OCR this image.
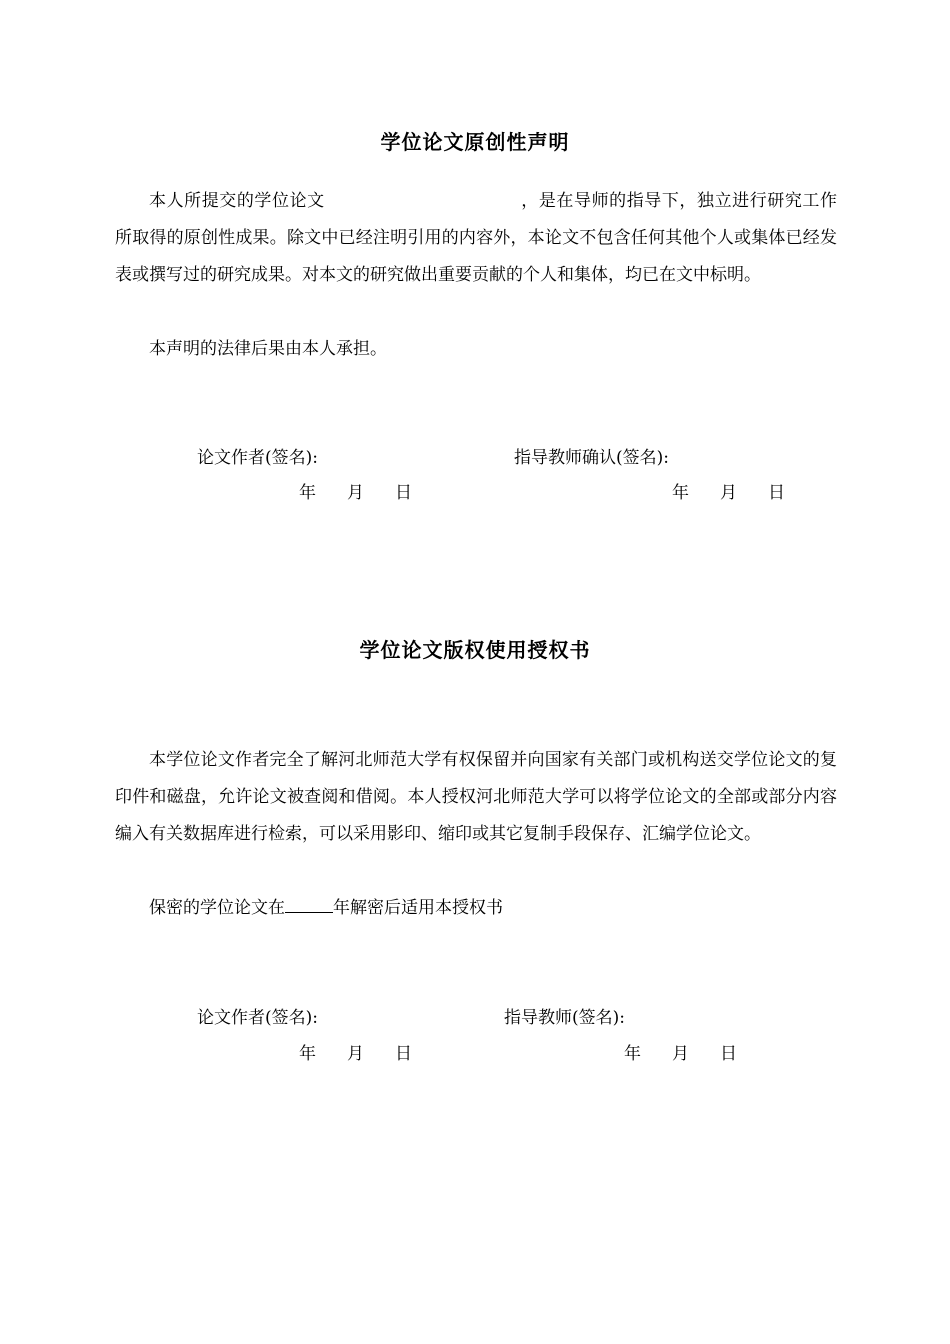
学位论文原创性声明

本人所提交的学位论文	，是在导师的指导下，独立进行研究工作所取得的原创性成果。除文中已经注明引用的内容外，本论文不包含任何其他个人或集体已经发表或撰写过的研究成果。对本文的研究做出重要贡献的个人和集体，均已在文中标明。

本声明的法律后果由本人承担。

论文作者(签名):	指导教师确认(签名):
年 月 日	年 月 日
学位论文版权使用授权书

本学位论文作者完全了解河北师范大学有权保留并向国家有关部门或机构送交学位论文的复印件和磁盘，允许论文被查阅和借阅。本人授权河北师范大学可以将学位论文的全部或部分内容编入有关数据库进行检索，可以采用影印、缩印或其它复制手段保存、汇编学位论文。

保密的学位论文在	年解密后适用本授权书

论文作者(签名):	指导教师(签名):
年 月 日	年 月 日
